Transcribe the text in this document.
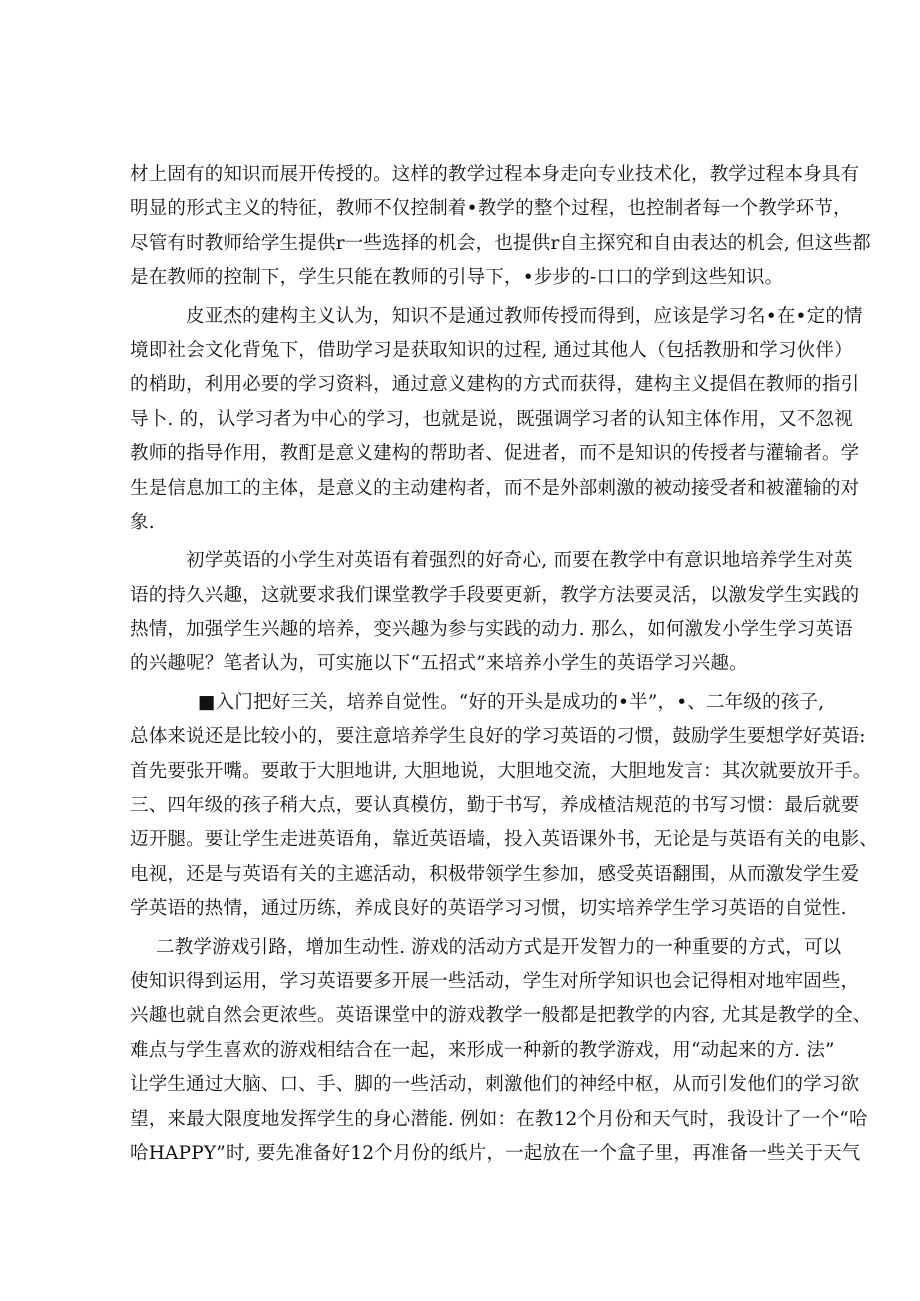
材上固有的知识而展开传授的。这样的教学过程本身走向专业技术化，教学过程本身具有
明显的形式主义的特征，教师不仅控制着•教学的整个过程，也控制者每一个教学环节，
尽管有时教师给学生提供r一些选择的机会，也提供r自主探究和自由表达的机会, 但这些都
是在教师的控制下，学生只能在教师的引导下，•步步的-口口的学到这些知识。
皮亚杰的建构主义认为，知识不是通过教师传授而得到，应该是学习名•在•定的情
境即社会文化背兔下，借助学习是获取知识的过程, 通过其他人（包括教册和学习伙伴）
的梢助，利用必要的学习资料，通过意义建构的方式而获得，建构主义提倡在教师的指引
导卜. 的，认学习者为中心的学习，也就是说，既强调学习者的认知主体作用，又不忽视
教师的指导作用，教酊是意义建构的帮助者、促进者，而不是知识的传授者与灌输者。学
生是信息加工的主体，是意义的主动建构者，而不是外部刺激的被动接受者和被灌输的对
象.
初学英语的小学生对英语有着强烈的好奇心, 而要在教学中有意识地培养学生对英
语的持久兴趣，这就要求我们课堂教学手段要更新，教学方法要灵活，以激发学生实践的
热情，加强学生兴趣的培养，变兴趣为参与实践的动力. 那么，如何激发小学生学习英语
的兴趣呢？笔者认为，可实施以下“五招式”来培养小学生的英语学习兴趣。
■入门把好三关，培养自觉性。“好的开头是成功的•半”，•、二年级的孩子,
总体来说还是比较小的，要注意培养学生良好的学习英语的刁惯，鼓励学生要想学好英语:
首先要张开嘴。要敢于大胆地讲, 大胆地说，大胆地交流，大胆地发言：其次就要放开手。
三、四年级的孩子稍大点，要认真模仿，勤于书写，养成楂洁规范的书写习惯：最后就要
迈开腿。要让学生走进英语角，靠近英语墙，投入英语课外书，无论是与英语有关的电影、
电视，还是与英语有关的主遮活动，积极带领学生参加，感受英语翻围，从而激发学生爱
学英语的热情，通过历练，养成良好的英语学习习惯，切实培养学生学习英语的自觉性.
二教学游戏引路，增加生动性. 游戏的活动方式是开发智力的一种重要的方式，可以
使知识得到运用，学习英语要多开展一些活动，学生对所学知识也会记得相对地牢固些，
兴趣也就自然会更浓些。英语课堂中的游戏教学一般都是把教学的内容, 尤其是教学的全、
难点与学生喜欢的游戏相结合在一起，来形成一种新的教学游戏，用“动起来的方. 法”
让学生通过大脑、口、手、脚的一些活动，刺激他们的神经中枢，从而引发他们的学习欲
望，来最大限度地发挥学生的身心潜能. 例如：在教12个月份和天气时，我设计了一个“哈
哈HAPPY”时, 要先准备好12个月份的纸片，一起放在一个盒子里，再准备一些关于天气
